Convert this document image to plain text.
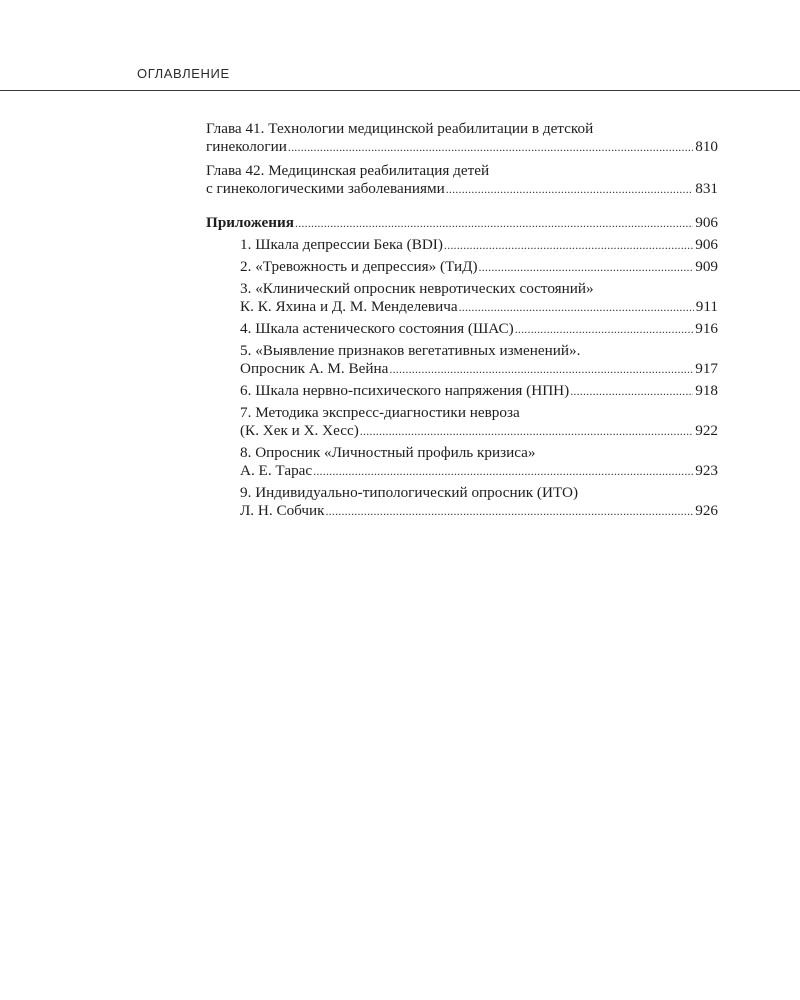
ОГЛАВЛЕНИЕ
Глава 41. Технологии медицинской реабилитации в детской
гинекологии .....	810
Глава 42. Медицинская реабилитация детей
с гинекологическими заболеваниями .....	831
Приложения .....	906
1. Шкала депрессии Бека (BDI) .....	906
2. «Тревожность и депрессия» (ТиД) .....	909
3. «Клинический опросник невротических состояний»
К. К. Яхина и Д. М. Менделевича .....	911
4. Шкала астенического состояния (ШАС) .....	916
5. «Выявление признаков вегетативных изменений».
Опросник А. М. Вейна .....	917
6. Шкала нервно-психического напряжения (НПН) .....	918
7. Методика экспресс-диагностики невроза
(К. Хек и Х. Хесс) .....	922
8. Опросник «Личностный профиль кризиса»
А. Е. Тарас .....	923
9. Индивидуально-типологический опросник (ИТО)
Л. Н. Собчик .....	926
